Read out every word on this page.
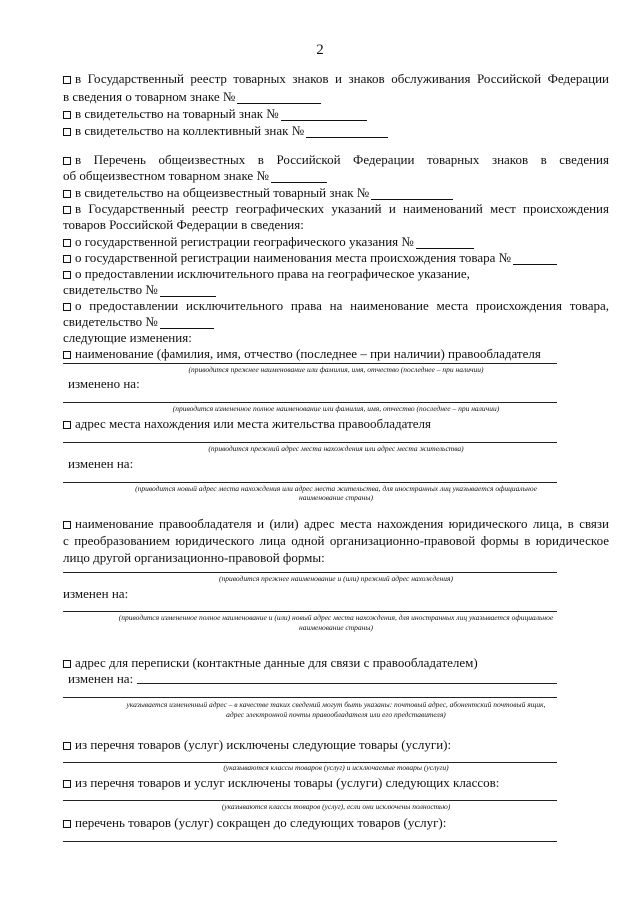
2
в Государственный реестр товарных знаков и знаков обслуживания Российской Федерации
в сведения о товарном знаке №
в свидетельство на товарный знак №
в свидетельство на коллективный знак №
в Перечень общеизвестных в Российской Федерации товарных знаков в сведения
об общеизвестном товарном знаке №
в свидетельство на общеизвестный товарный знак №
в Государственный реестр географических указаний и наименований мест происхождения
товаров Российской Федерации в сведения:
о государственной регистрации географического указания №
о государственной регистрации наименования места происхождения товара №
о предоставлении исключительного права на географическое указание,
свидетельство №
о предоставлении исключительного права на наименование места происхождения товара,
свидетельство №
следующие изменения:
наименование (фамилия, имя, отчество (последнее – при наличии) правообладателя
(приводится прежнее наименование или фамилия, имя, отчество (последнее – при наличии)
изменено на:
(приводится измененное полное наименование или фамилия, имя, отчество (последнее – при наличии)
адрес места нахождения или места жительства правообладателя
(приводится прежний адрес места нахождения или адрес места жительства)
изменен на:
(приводится новый адрес места нахождения или адрес места жительства, для иностранных лиц указывается официальное
наименование страны)
наименование правообладателя и (или) адрес места нахождения юридического лица, в связи
с преобразованием юридического лица одной организационно-правовой формы в юридическое
лицо другой организационно-правовой формы:
(приводится прежнее наименование и (или) прежний адрес нахождения)
изменен на:
(приводится измененное полное наименование и (или) новый адрес места нахождения, для иностранных лиц указывается официальное
наименование страны)
адрес для переписки (контактные данные для связи с правообладателем)
изменен на:
указывается измененный адрес – в качестве таких сведений могут быть указаны: почтовый адрес, абонентский почтовый ящик,
адрес электронной почты правообладателя или его представителя)
из перечня товаров (услуг) исключены следующие товары (услуги):
(указываются классы товаров (услуг) и исключаемые товары (услуги)
из перечня товаров и услуг исключены товары (услуги) следующих классов:
(указываются классы товаров (услуг), если они исключены полностью)
перечень товаров (услуг) сокращен до следующих товаров (услуг):
